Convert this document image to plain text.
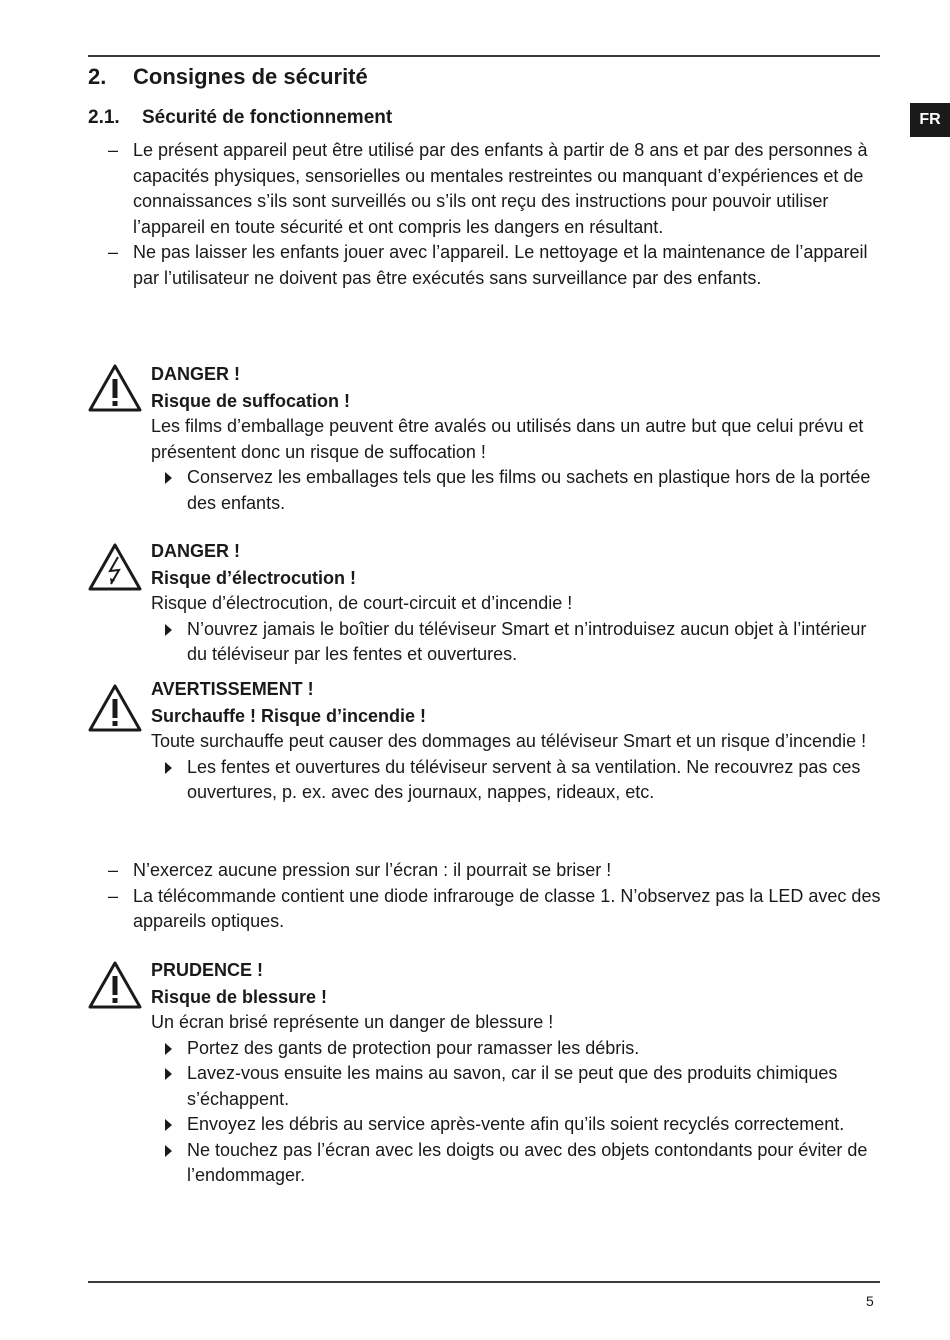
FR
2. Consignes de sécurité
2.1. Sécurité de fonctionnement
– Le présent appareil peut être utilisé par des enfants à partir de 8 ans et par des personnes à capacités physiques, sensorielles ou mentales restreintes ou manquant d’expériences et de connaissances s’ils sont surveillés ou s’ils ont reçu des instructions pour pouvoir utiliser l’appareil en toute sécurité et ont compris les dangers en résultant.
– Ne pas laisser les enfants jouer avec l’appareil. Le nettoyage et la maintenance de l’appareil par l’utilisateur ne doivent pas être exécutés sans surveillance par des enfants.

DANGER !

Risque de suffocation !

Les films d’emballage peuvent être avalés ou utilisés dans un autre but que celui prévu et présentent donc un risque de suffocation !

Conservez les emballages tels que les films ou sachets en plastique hors de la portée des enfants.

DANGER !

Risque d’électrocution !

Risque d’électrocution, de court-circuit et d’incendie !

N’ouvrez jamais le boîtier du téléviseur Smart et n’introduisez aucun objet à l’intérieur du téléviseur par les fentes et ouvertures.

AVERTISSEMENT !

Surchauffe ! Risque d’incendie !

Toute surchauffe peut causer des dommages au téléviseur Smart et un risque d’incendie !

Les fentes et ouvertures du téléviseur servent à sa ventilation. Ne recouvrez pas ces ouvertures, p. ex. avec des journaux, nappes, rideaux, etc.
– N’exercez aucune pression sur l’écran : il pourrait se briser !
– La télécommande contient une diode infrarouge de classe 1. N’observez pas la LED avec des appareils optiques.

PRUDENCE !

Risque de blessure !

Un écran brisé représente un danger de blessure !

Portez des gants de protection pour ramasser les débris.
Lavez-vous ensuite les mains au savon, car il se peut que des produits chimiques s’échappent.
Envoyez les débris au service après-vente afin qu’ils soient recyclés correctement.
Ne touchez pas l’écran avec les doigts ou avec des objets contondants pour éviter de l’endommager.
5
